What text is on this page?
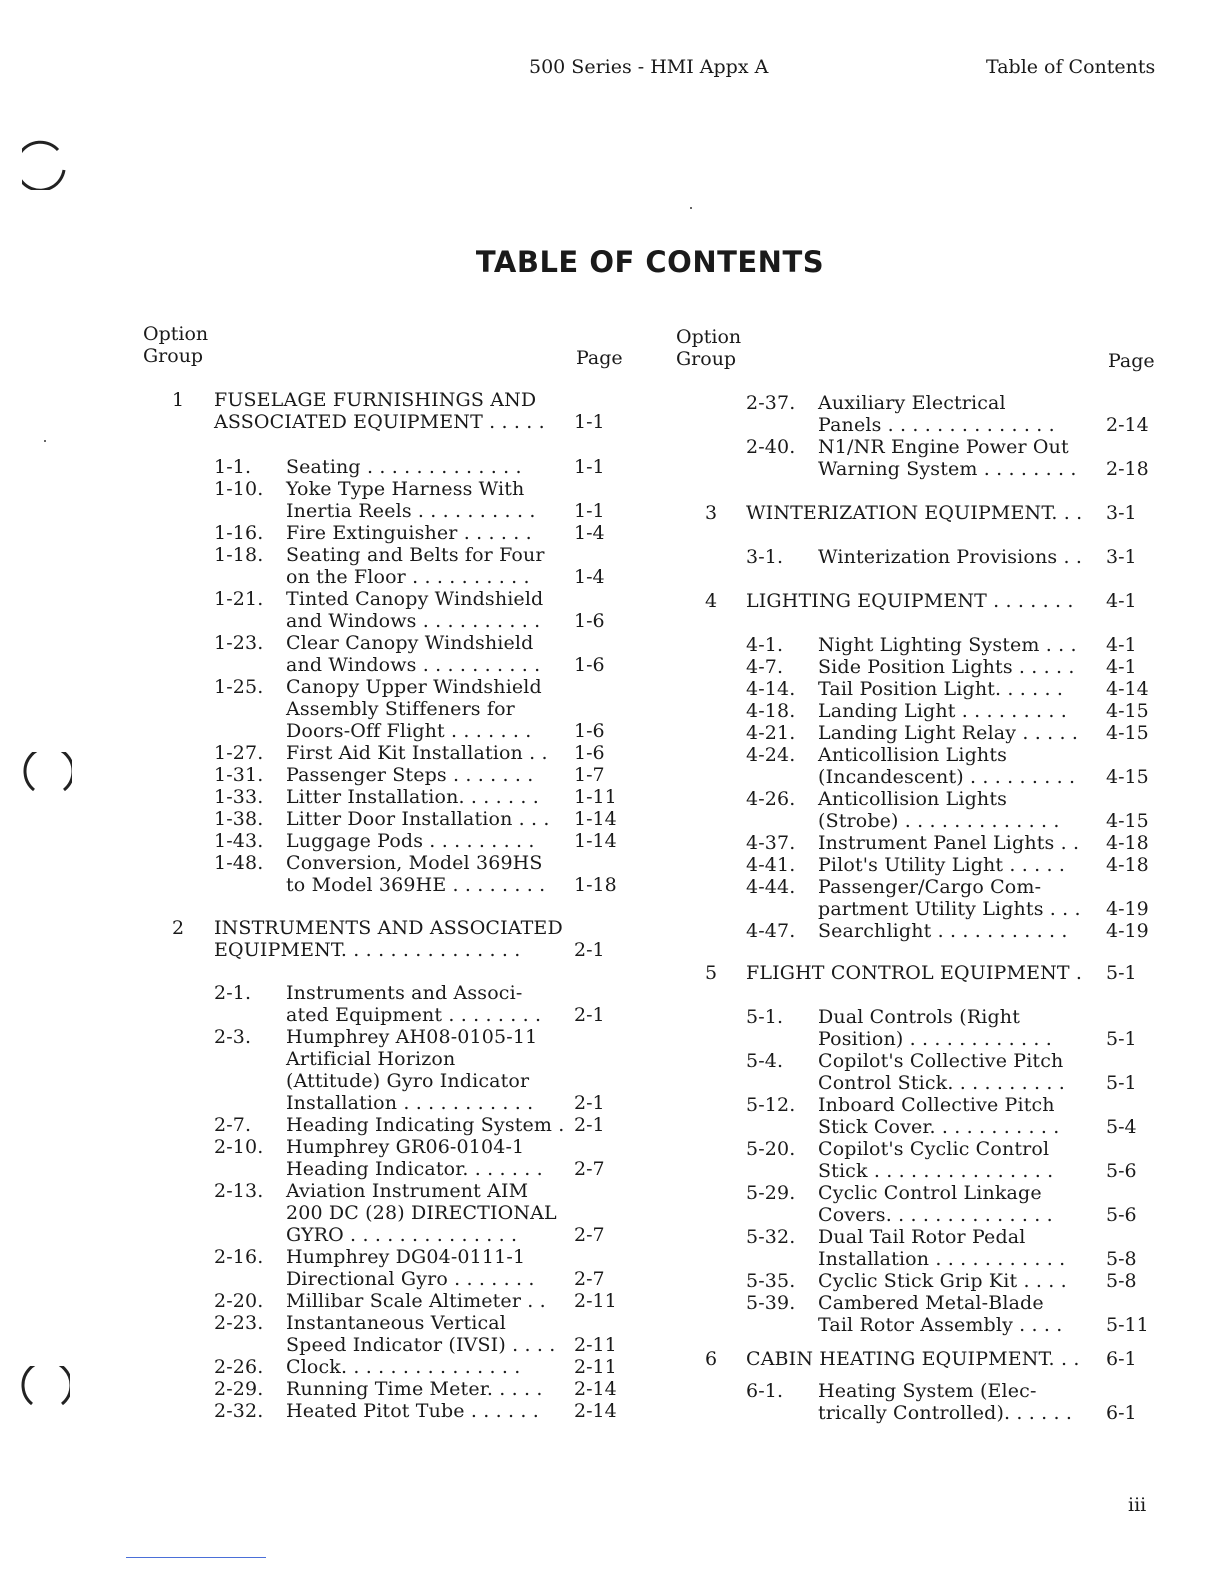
500 Series - HMI Appx A	Table of Contents
TABLE OF CONTENTS
Option
Group	Page
Option
Group	Page
1 FUSELAGE FURNISHINGS AND
ASSOCIATED EQUIPMENT . . . . . 1-1
1-1. Seating . . . . . . . . . . . . .	1-1
1-10. Yoke Type Harness With
Inertia Reels . . . . . . . . . . 1-1
1-16. Fire Extinguisher . . . . . . 1-4
1-18. Seating and Belts for Four
on the Floor . . . . . . . . . . 1-4
1-21. Tinted Canopy Windshield
and Windows . . . . . . . . . . 1-6
1-23. Clear Canopy Windshield
and Windows . . . . . . . . . . 1-6
1-25. Canopy Upper Windshield
Assembly Stiffeners for
Doors-Off Flight . . . . . . . 1-6
1-27. First Aid Kit Installation . . 1-6
1-31. Passenger Steps . . . . . . . 1-7
1-33. Litter Installation. . . . . . . 1-11
1-38. Litter Door Installation . . . 1-14
1-43. Luggage Pods . . . . . . . . . 1-14
1-48. Conversion, Model 369HS
to Model 369HE . . . . . . . . 1-18
2 INSTRUMENTS AND ASSOCIATED
EQUIPMENT. . . . . . . . . . . . . . .	2-1
2-1. Instruments and Associ-
ated Equipment . . . . . . . . 2-1
2-3. Humphrey AH08-0105-11
Artificial Horizon
(Attitude) Gyro Indicator
Installation . . . . . . . . . . . 2-1
2-7. Heading Indicating System . 2-1
2-10. Humphrey GR06-0104-1
Heading Indicator. . . . . . . 2-7
2-13. Aviation Instrument AIM
200 DC (28) DIRECTIONAL
GYRO . . . . . . . . . . . . . .	2-7
2-16. Humphrey DG04-0111-1
Directional Gyro . . . . . . . 2-7
2-20. Millibar Scale Altimeter . . 2-11
2-23. Instantaneous Vertical
Speed Indicator (IVSI) . . . . 2-11
2-26. Clock. . . . . . . . . . . . . . .	2-11
2-29. Running Time Meter. . . . . 2-14
2-32. Heated Pitot Tube . . . . . . 2-14
2-37. Auxiliary Electrical
Panels . . . . . . . . . . . . . .	2-14
2-40. N1/NR Engine Power Out
Warning System . . . . . . . . 2-18
3 WINTERIZATION EQUIPMENT. . . 3-1
3-1. Winterization Provisions . . 3-1
4 LIGHTING EQUIPMENT . . . . . . . 4-1
4-1. Night Lighting System . . . 4-1
4-7. Side Position Lights . . . . . 4-1
4-14. Tail Position Light. . . . . . 4-14
4-18. Landing Light . . . . . . . . . 4-15
4-21. Landing Light Relay . . . . . 4-15
4-24. Anticollision Lights
(Incandescent) . . . . . . . . . 4-15
4-26. Anticollision Lights
(Strobe) . . . . . . . . . . . . . 4-15
4-37. Instrument Panel Lights . . 4-18
4-41. Pilot's Utility Light . . . . . 4-18
4-44. Passenger/Cargo Com-
partment Utility Lights . . . 4-19
4-47. Searchlight . . . . . . . . . . . 4-19
5 FLIGHT CONTROL EQUIPMENT . 5-1
5-1. Dual Controls (Right
Position) . . . . . . . . . . . .	5-1
5-4. Copilot's Collective Pitch
Control Stick. . . . . . . . . . 5-1
5-12. Inboard Collective Pitch
Stick Cover. . . . . . . . . . . 5-4
5-20. Copilot's Cyclic Control
Stick . . . . . . . . . . . . . . .	5-6
5-29. Cyclic Control Linkage
Covers. . . . . . . . . . . . . .	5-6
5-32. Dual Tail Rotor Pedal
Installation . . . . . . . . . . . 5-8
5-35. Cyclic Stick Grip Kit . . . . 5-8
5-39. Cambered Metal-Blade
Tail Rotor Assembly . . . . 5-11
6 CABIN HEATING EQUIPMENT. . . 6-1
6-1. Heating System (Elec-
trically Controlled). . . . . . 6-1
iii
